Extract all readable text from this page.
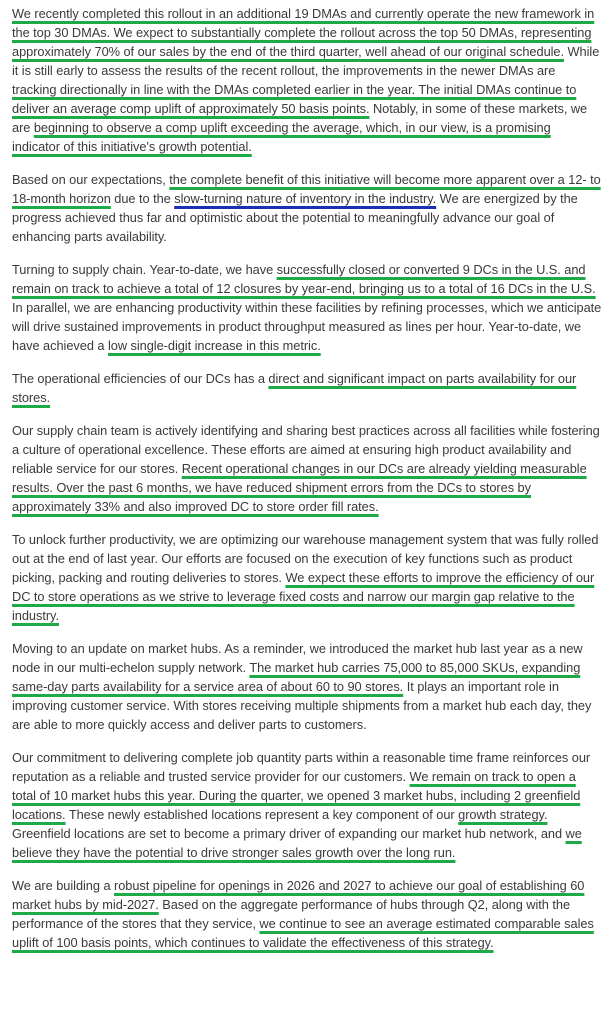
We recently completed this rollout in an additional 19 DMAs and currently operate the new framework in the top 30 DMAs. We expect to substantially complete the rollout across the top 50 DMAs, representing approximately 70% of our sales by the end of the third quarter, well ahead of our original schedule. While it is still early to assess the results of the recent rollout, the improvements in the newer DMAs are tracking directionally in line with the DMAs completed earlier in the year. The initial DMAs continue to deliver an average comp uplift of approximately 50 basis points. Notably, in some of these markets, we are beginning to observe a comp uplift exceeding the average, which, in our view, is a promising indicator of this initiative's growth potential.

Based on our expectations, the complete benefit of this initiative will become more apparent over a 12- to 18-month horizon due to the slow-turning nature of inventory in the industry. We are energized by the progress achieved thus far and optimistic about the potential to meaningfully advance our goal of enhancing parts availability.

Turning to supply chain. Year-to-date, we have successfully closed or converted 9 DCs in the U.S. and remain on track to achieve a total of 12 closures by year-end, bringing us to a total of 16 DCs in the U.S. In parallel, we are enhancing productivity within these facilities by refining processes, which we anticipate will drive sustained improvements in product throughput measured as lines per hour. Year-to-date, we have achieved a low single-digit increase in this metric.

The operational efficiencies of our DCs has a direct and significant impact on parts availability for our stores.

Our supply chain team is actively identifying and sharing best practices across all facilities while fostering a culture of operational excellence. These efforts are aimed at ensuring high product availability and reliable service for our stores. Recent operational changes in our DCs are already yielding measurable results. Over the past 6 months, we have reduced shipment errors from the DCs to stores by approximately 33% and also improved DC to store order fill rates.

To unlock further productivity, we are optimizing our warehouse management system that was fully rolled out at the end of last year. Our efforts are focused on the execution of key functions such as product picking, packing and routing deliveries to stores. We expect these efforts to improve the efficiency of our DC to store operations as we strive to leverage fixed costs and narrow our margin gap relative to the industry.

Moving to an update on market hubs. As a reminder, we introduced the market hub last year as a new node in our multi-echelon supply network. The market hub carries 75,000 to 85,000 SKUs, expanding same-day parts availability for a service area of about 60 to 90 stores. It plays an important role in improving customer service. With stores receiving multiple shipments from a market hub each day, they are able to more quickly access and deliver parts to customers.

Our commitment to delivering complete job quantity parts within a reasonable time frame reinforces our reputation as a reliable and trusted service provider for our customers. We remain on track to open a total of 10 market hubs this year. During the quarter, we opened 3 market hubs, including 2 greenfield locations. These newly established locations represent a key component of our growth strategy. Greenfield locations are set to become a primary driver of expanding our market hub network, and we believe they have the potential to drive stronger sales growth over the long run.

We are building a robust pipeline for openings in 2026 and 2027 to achieve our goal of establishing 60 market hubs by mid-2027. Based on the aggregate performance of hubs through Q2, along with the performance of the stores that they service, we continue to see an average estimated comparable sales uplift of 100 basis points, which continues to validate the effectiveness of this strategy.
